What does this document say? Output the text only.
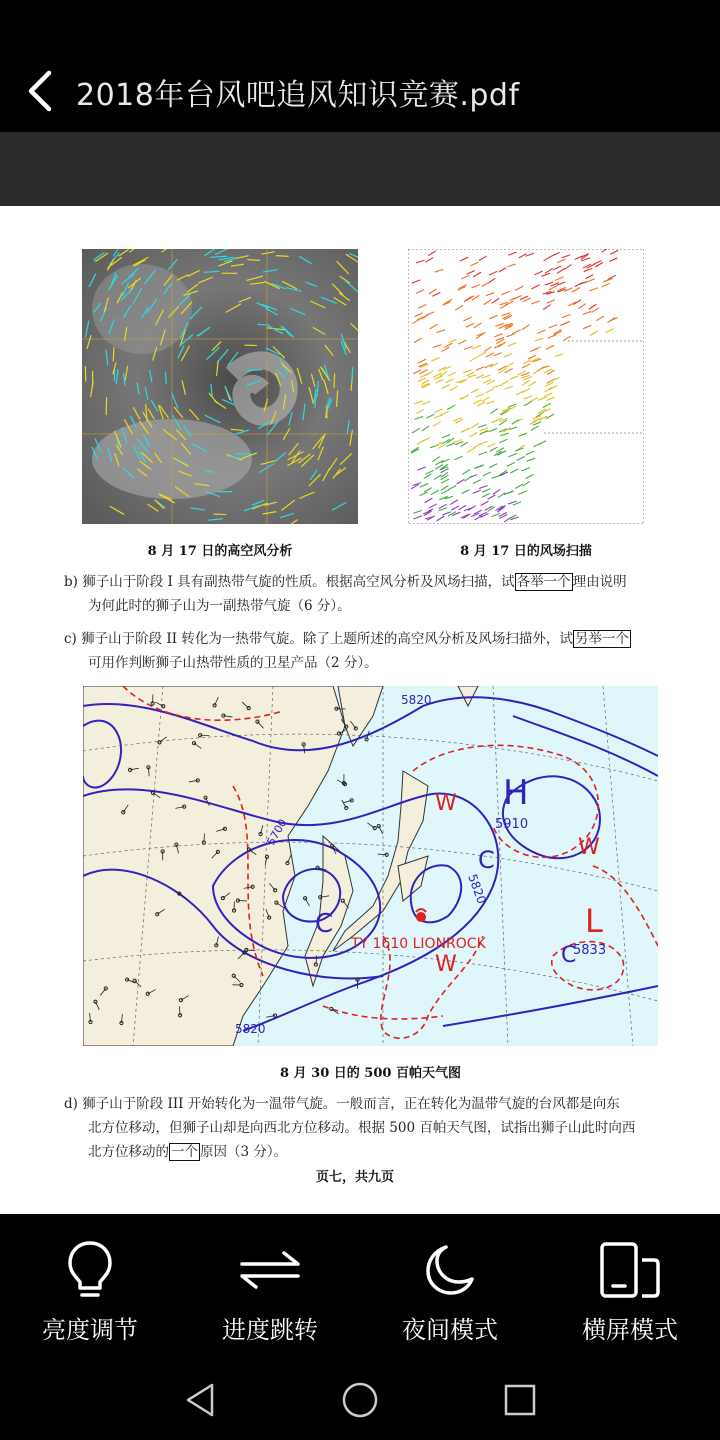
2018年台风吧追风知识竞赛.pdf
8 月 17 日的高空风分析	8 月 17 日的风场扫描
b) 狮子山于阶段 I 具有副热带气旋的性质。根据高空风分析及风场扫描，试 各举一个 理由说明
为何此时的狮子山为一副热带气旋（6 分）。
c) 狮子山于阶段 II 转化为一热带气旋。除了上题所述的高空风分析及风场扫描外，试 另举一个
可用作判断狮子山热带性质的卫星产品（2 分）。
H
5910
L
5833
5820
5820
5820
5700
TY 1610 LIONROCK
W
W
W
C
C
C
8 月 30 日的 500 百帕天气图
d) 狮子山于阶段 III 开始转化为一温带气旋。一般而言，正在转化为温带气旋的台风都是向东
北方位移动，但狮子山却是向西北方位移动。根据 500 百帕天气图，试指出狮子山此时向西
北方位移动的 一个 原因（3 分）。
页七，共九页
亮度调节	进度跳转	夜间模式	横屏模式
